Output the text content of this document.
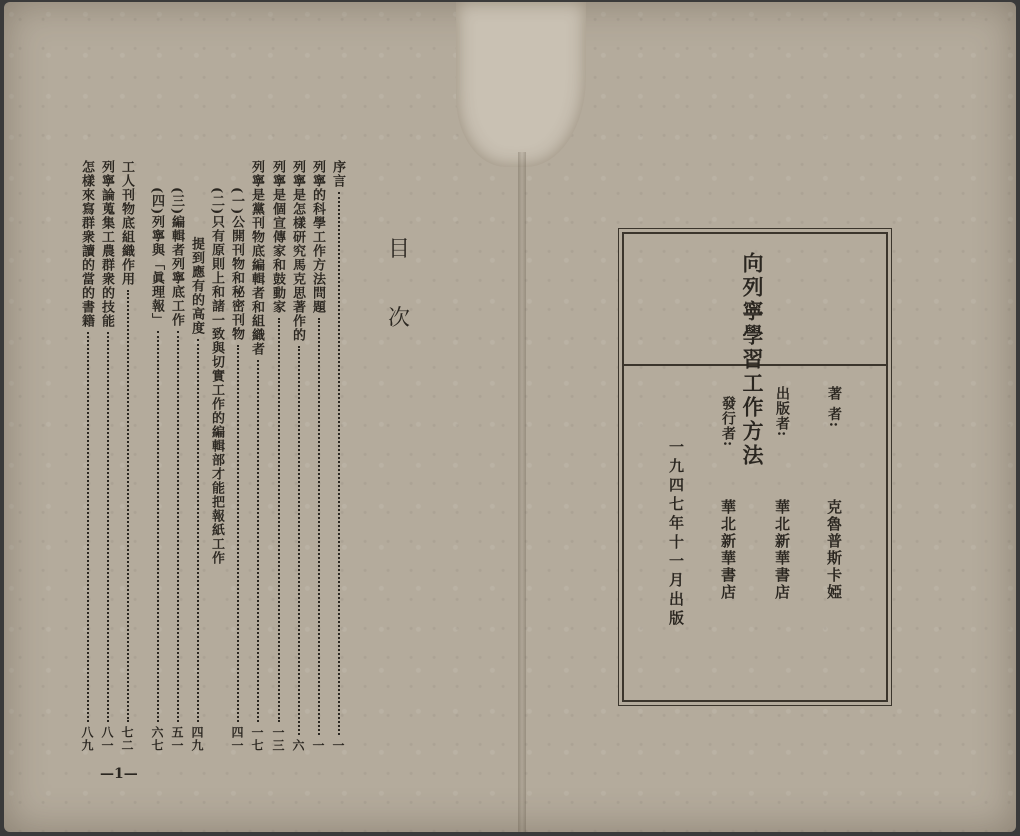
目
次
序言
一
列寧的科學工作方法問題
一
列寧是怎樣研究馬克思著作的
六
列寧是個宣傳家和鼓動家
一三
列寧是黨刊物底編輯者和組織者
一七
(一)公開刊物和秘密刊物
四一
(二)只有原則上和諸一致與切實工作的編輯部才能把報紙工作
提到應有的高度
四九
(三)編輯者列寧底工作
五一
(四)列寧與「眞理報」
六七
工人刊物底組織作用
七二
列寧論蒐集工農群衆的技能
八一
怎樣來寫群衆讀的當的書籍
八九
—1—
向列寧學習工作方法	著 者:
克魯普斯卡婭
出版者:
華北新華書店
發行者:
華北新華書店
一九四七年十一月出版
